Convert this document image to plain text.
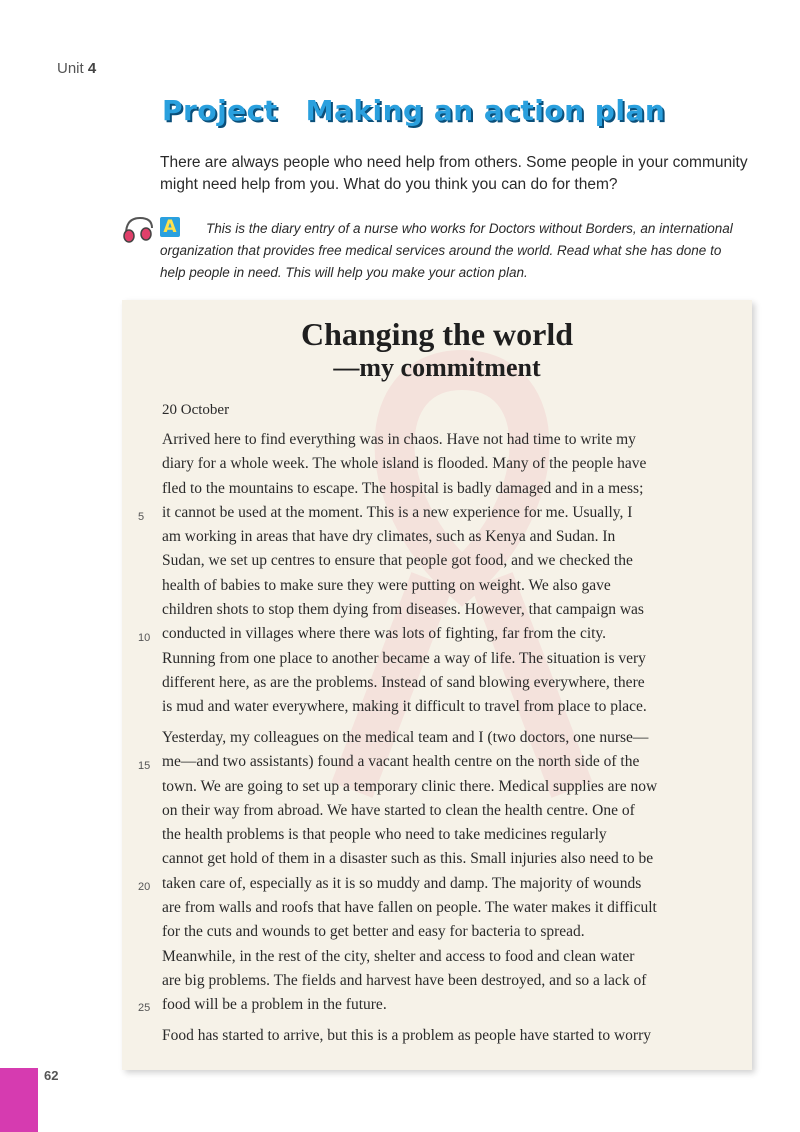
Unit 4
Project Making an action plan
There are always people who need help from others. Some people in your community might need help from you. What do you think you can do for them?
A	This is the diary entry of a nurse who works for Doctors without Borders, an international organization that provides free medical services around the world. Read what she has done to help people in need. This will help you make your action plan.
Changing the world
—my commitment
20 October
Arrived here to find everything was in chaos. Have not had time to write my
diary for a whole week. The whole island is flooded. Many of the people have
fled to the mountains to escape. The hospital is badly damaged and in a mess;
it cannot be used at the moment. This is a new experience for me. Usually, I
am working in areas that have dry climates, such as Kenya and Sudan. In
Sudan, we set up centres to ensure that people got food, and we checked the
health of babies to make sure they were putting on weight. We also gave
children shots to stop them dying from diseases. However, that campaign was
conducted in villages where there was lots of fighting, far from the city.
Running from one place to another became a way of life. The situation is very
different here, as are the problems. Instead of sand blowing everywhere, there
is mud and water everywhere, making it difficult to travel from place to place.
Yesterday, my colleagues on the medical team and I (two doctors, one nurse—
me—and two assistants) found a vacant health centre on the north side of the
town. We are going to set up a temporary clinic there. Medical supplies are now
on their way from abroad. We have started to clean the health centre. One of
the health problems is that people who need to take medicines regularly
cannot get hold of them in a disaster such as this. Small injuries also need to be
taken care of, especially as it is so muddy and damp. The majority of wounds
are from walls and roofs that have fallen on people. The water makes it difficult
for the cuts and wounds to get better and easy for bacteria to spread.
Meanwhile, in the rest of the city, shelter and access to food and clean water
are big problems. The fields and harvest have been destroyed, and so a lack of
food will be a problem in the future.
Food has started to arrive, but this is a problem as people have started to worry
5
10
15
20
25
62
